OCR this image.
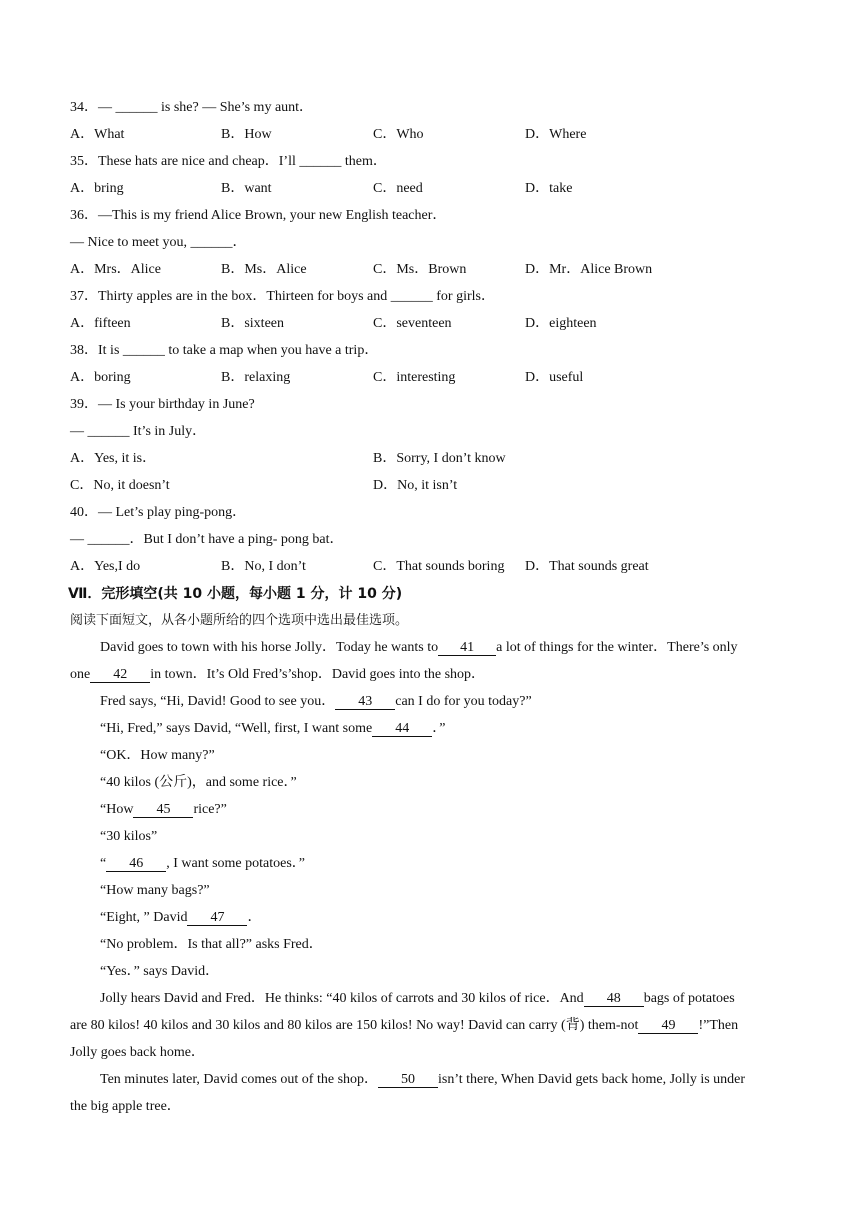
34．— ______ is she? — She’s my aunt．
A．What	B．How	C．Who	D．Where
35．These hats are nice and cheap．I’ll ______ them．
A．bring	B．want	C．need	D．take
36．—This is my friend Alice Brown, your new English teacher．
— Nice to meet you, ______．
A．Mrs．Alice	B．Ms．Alice	C．Ms．Brown	D．Mr．Alice Brown
37．Thirty apples are in the box．Thirteen for boys and ______ for girls．
A．fifteen	B．sixteen	C．seventeen	D．eighteen
38．It is ______ to take a map when you have a trip．
A．boring	B．relaxing	C．interesting	D．useful
39．— Is your birthday in June?
— ______ It’s in July．
A．Yes, it is．	B．Sorry, I don’t know
C．No, it doesn’t	D．No, it isn’t
40．— Let’s play ping-pong．
— ______．But I don’t have a ping- pong bat．
A．Yes,I do	B．No, I don’t	C．That sounds boring D．That sounds great
Ⅶ．完形填空(共 10 小题，每小题 1 分，计 10 分)
阅读下面短文，从各小题所给的四个选项中选出最佳选项。
David goes to town with his horse Jolly．Today he wants to 41 a lot of things for the winter．There’s only
one 42 in town．It’s Old Fred’s’shop．David goes into the shop．
Fred says, “Hi, David! Good to see you． 43 can I do for you today?”
“Hi, Fred,” says David, “Well, first, I want some 44 ．”
“OK．How many?”
“40 kilos (公斤)，and some rice．”
“How 45 rice?”
“30 kilos”
“ 46 , I want some potatoes．”
“How many bags?”
“Eight, ” David 47 ．
“No problem．Is that all?” asks Fred．
“Yes．” says David．
Jolly hears David and Fred．He thinks: “40 kilos of carrots and 30 kilos of rice．And 48 bags of potatoes
are 80 kilos! 40 kilos and 30 kilos and 80 kilos are 150 kilos! No way! David can carry (背) them-not 49 !”Then
Jolly goes back home．
Ten minutes later, David comes out of the shop． 50 isn’t there, When David gets back home, Jolly is under
the big apple tree．
